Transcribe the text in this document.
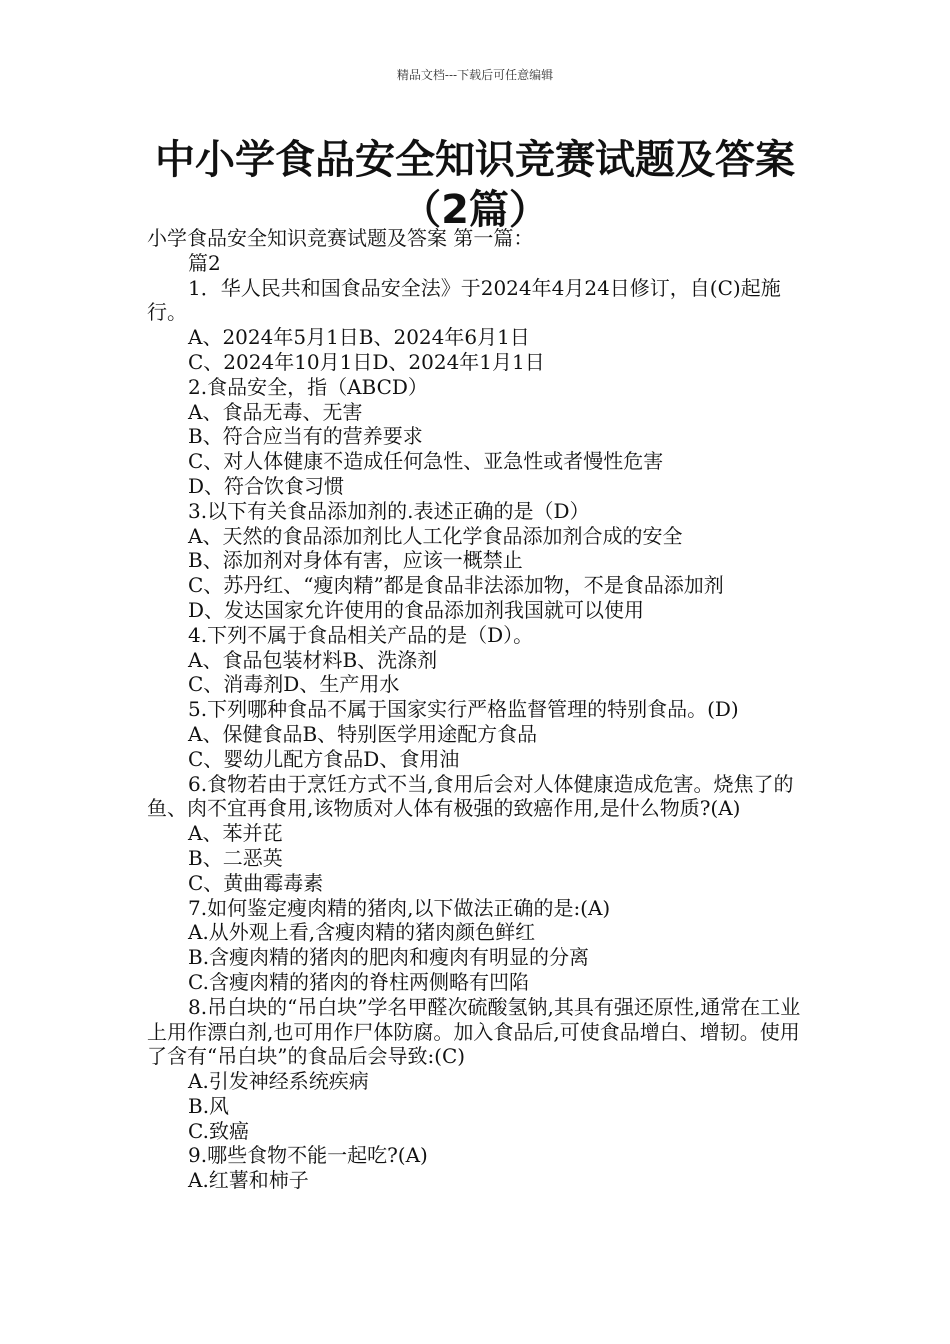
精品文档---下载后可任意编辑
中小学食品安全知识竞赛试题及答案
（2篇）
小学食品安全知识竞赛试题及答案 第一篇：
篇2
1．华人民共和国食品安全法》于2024年4月24日修订，自(C)起施行。
A、2024年5月1日B、2024年6月1日
C、2024年10月1日D、2024年1月1日
2.食品安全，指（ABCD）
A、食品无毒、无害
B、符合应当有的营养要求
C、对人体健康不造成任何急性、亚急性或者慢性危害
D、符合饮食习惯
3.以下有关食品添加剂的.表述正确的是（D）
A、天然的食品添加剂比人工化学食品添加剂合成的安全
B、添加剂对身体有害，应该一概禁止
C、苏丹红、“瘦肉精”都是食品非法添加物，不是食品添加剂
D、发达国家允许使用的食品添加剂我国就可以使用
4.下列不属于食品相关产品的是（D）。
A、食品包装材料B、洗涤剂
C、消毒剂D、生产用水
5.下列哪种食品不属于国家实行严格监督管理的特别食品。(D)
A、保健食品B、特别医学用途配方食品
C、婴幼儿配方食品D、食用油
6.食物若由于烹饪方式不当,食用后会对人体健康造成危害。烧焦了的鱼、肉不宜再食用,该物质对人体有极强的致癌作用,是什么物质?(A)
A、苯并芘
B、二恶英
C、黄曲霉毒素
7.如何鉴定瘦肉精的猪肉,以下做法正确的是:(A)
A.从外观上看,含瘦肉精的猪肉颜色鲜红
B.含瘦肉精的猪肉的肥肉和瘦肉有明显的分离
C.含瘦肉精的猪肉的脊柱两侧略有凹陷
8.吊白块的“吊白块”学名甲醛次硫酸氢钠,其具有强还原性,通常在工业上用作漂白剂,也可用作尸体防腐。加入食品后,可使食品增白、增韧。使用了含有“吊白块”的食品后会导致:(C)
A.引发神经系统疾病
B.风
C.致癌
9.哪些食物不能一起吃?(A)
A.红薯和柿子
